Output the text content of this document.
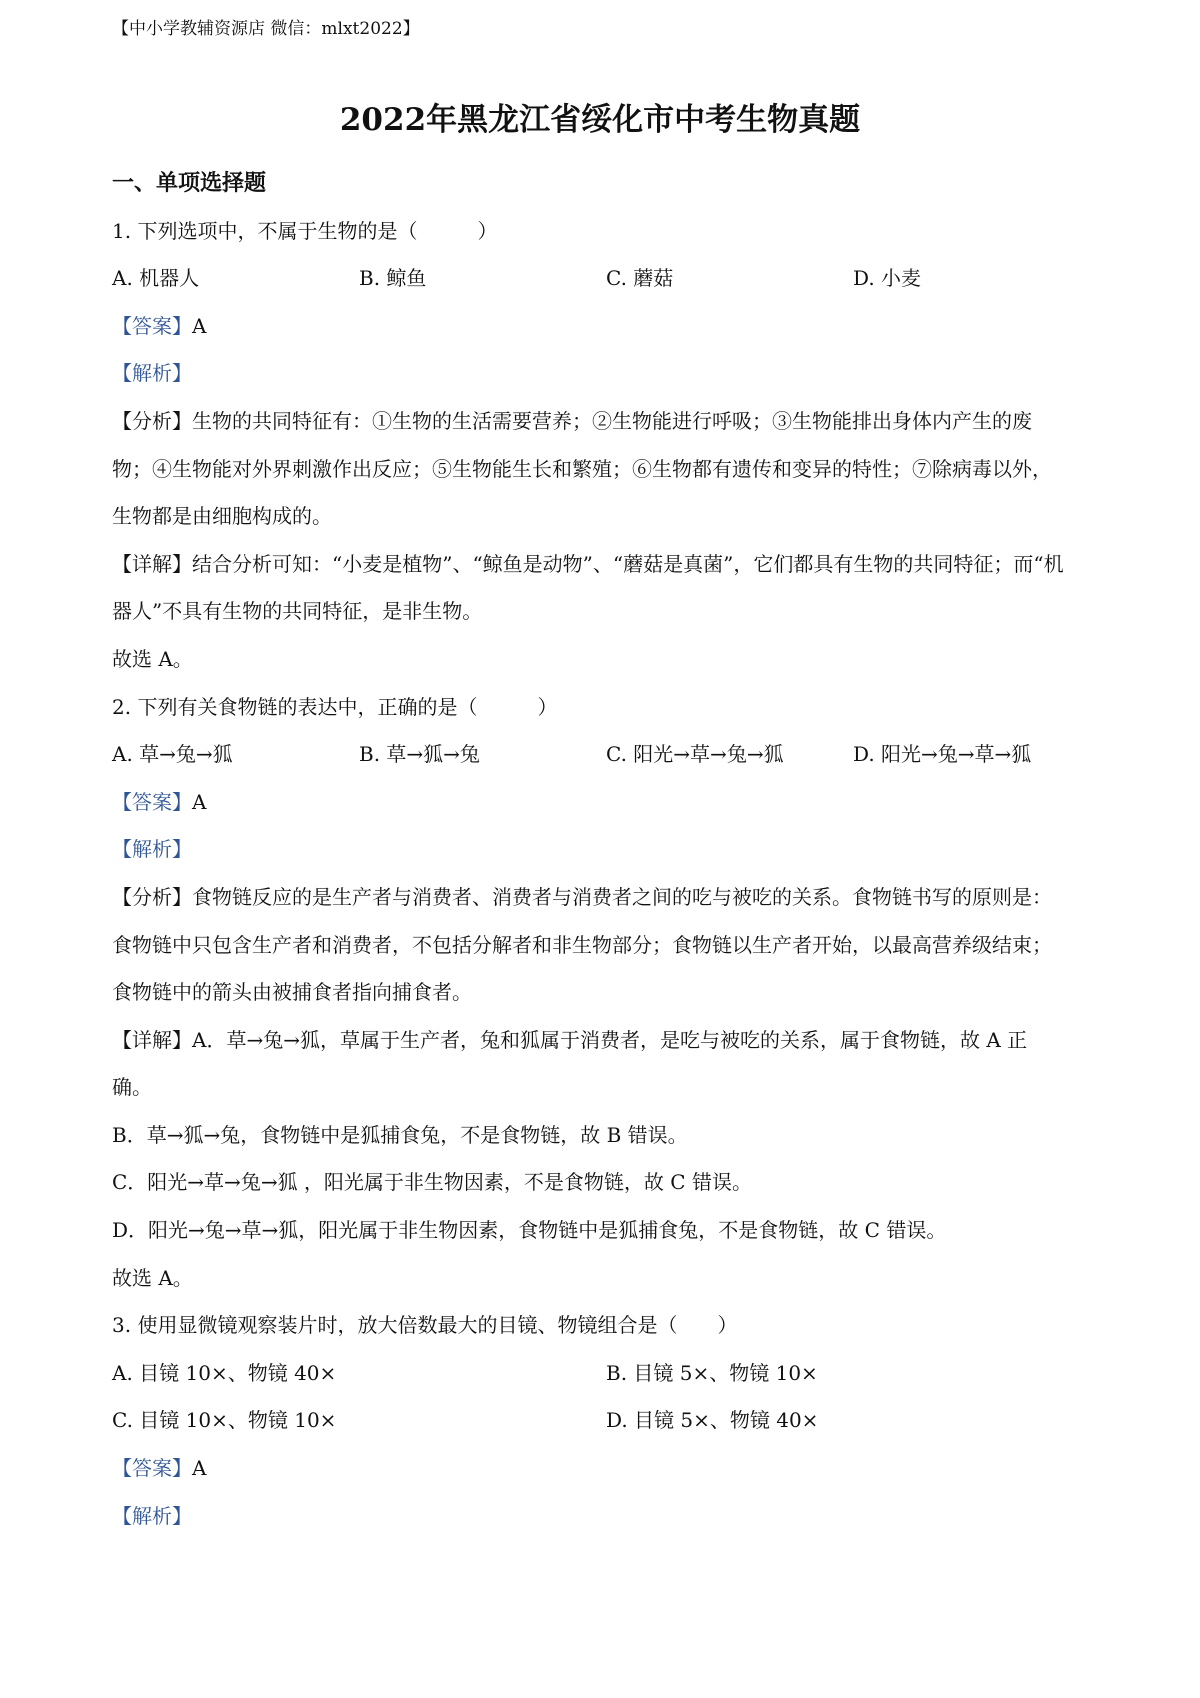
【中小学教辅资源店 微信：mlxt2022】
2022年黑龙江省绥化市中考生物真题
一、单项选择题
1. 下列选项中，不属于生物的是（　　　）
A. 机器人	B. 鲸鱼	C. 蘑菇	D. 小麦
【答案】A
【解析】
【分析】生物的共同特征有：①生物的生活需要营养；②生物能进行呼吸；③生物能排出身体内产生的废
物；④生物能对外界刺激作出反应；⑤生物能生长和繁殖；⑥生物都有遗传和变异的特性；⑦除病毒以外，
生物都是由细胞构成的。
【详解】结合分析可知：“小麦是植物”、“鲸鱼是动物”、“蘑菇是真菌”，它们都具有生物的共同特征；而“机
器人”不具有生物的共同特征，是非生物。
故选 A。
2. 下列有关食物链的表达中，正确的是（　　　）
A. 草→兔→狐	B. 草→狐→兔	C. 阳光→草→兔→狐	D. 阳光→兔→草→狐
【答案】A
【解析】
【分析】食物链反应的是生产者与消费者、消费者与消费者之间的吃与被吃的关系。食物链书写的原则是：
食物链中只包含生产者和消费者，不包括分解者和非生物部分；食物链以生产者开始，以最高营养级结束；
食物链中的箭头由被捕食者指向捕食者。
【详解】A．草→兔→狐，草属于生产者，兔和狐属于消费者，是吃与被吃的关系，属于食物链，故 A 正
确。
B．草→狐→兔，食物链中是狐捕食兔，不是食物链，故 B 错误。
C．阳光→草→兔→狐 ，阳光属于非生物因素，不是食物链，故 C 错误。
D．阳光→兔→草→狐，阳光属于非生物因素，食物链中是狐捕食兔，不是食物链，故 C 错误。
故选 A。
3. 使用显微镜观察装片时，放大倍数最大的目镜、物镜组合是（　　）
A. 目镜 10×、物镜 40×	B. 目镜 5×、物镜 10×
C. 目镜 10×、物镜 10×	D. 目镜 5×、物镜 40×
【答案】A
【解析】
